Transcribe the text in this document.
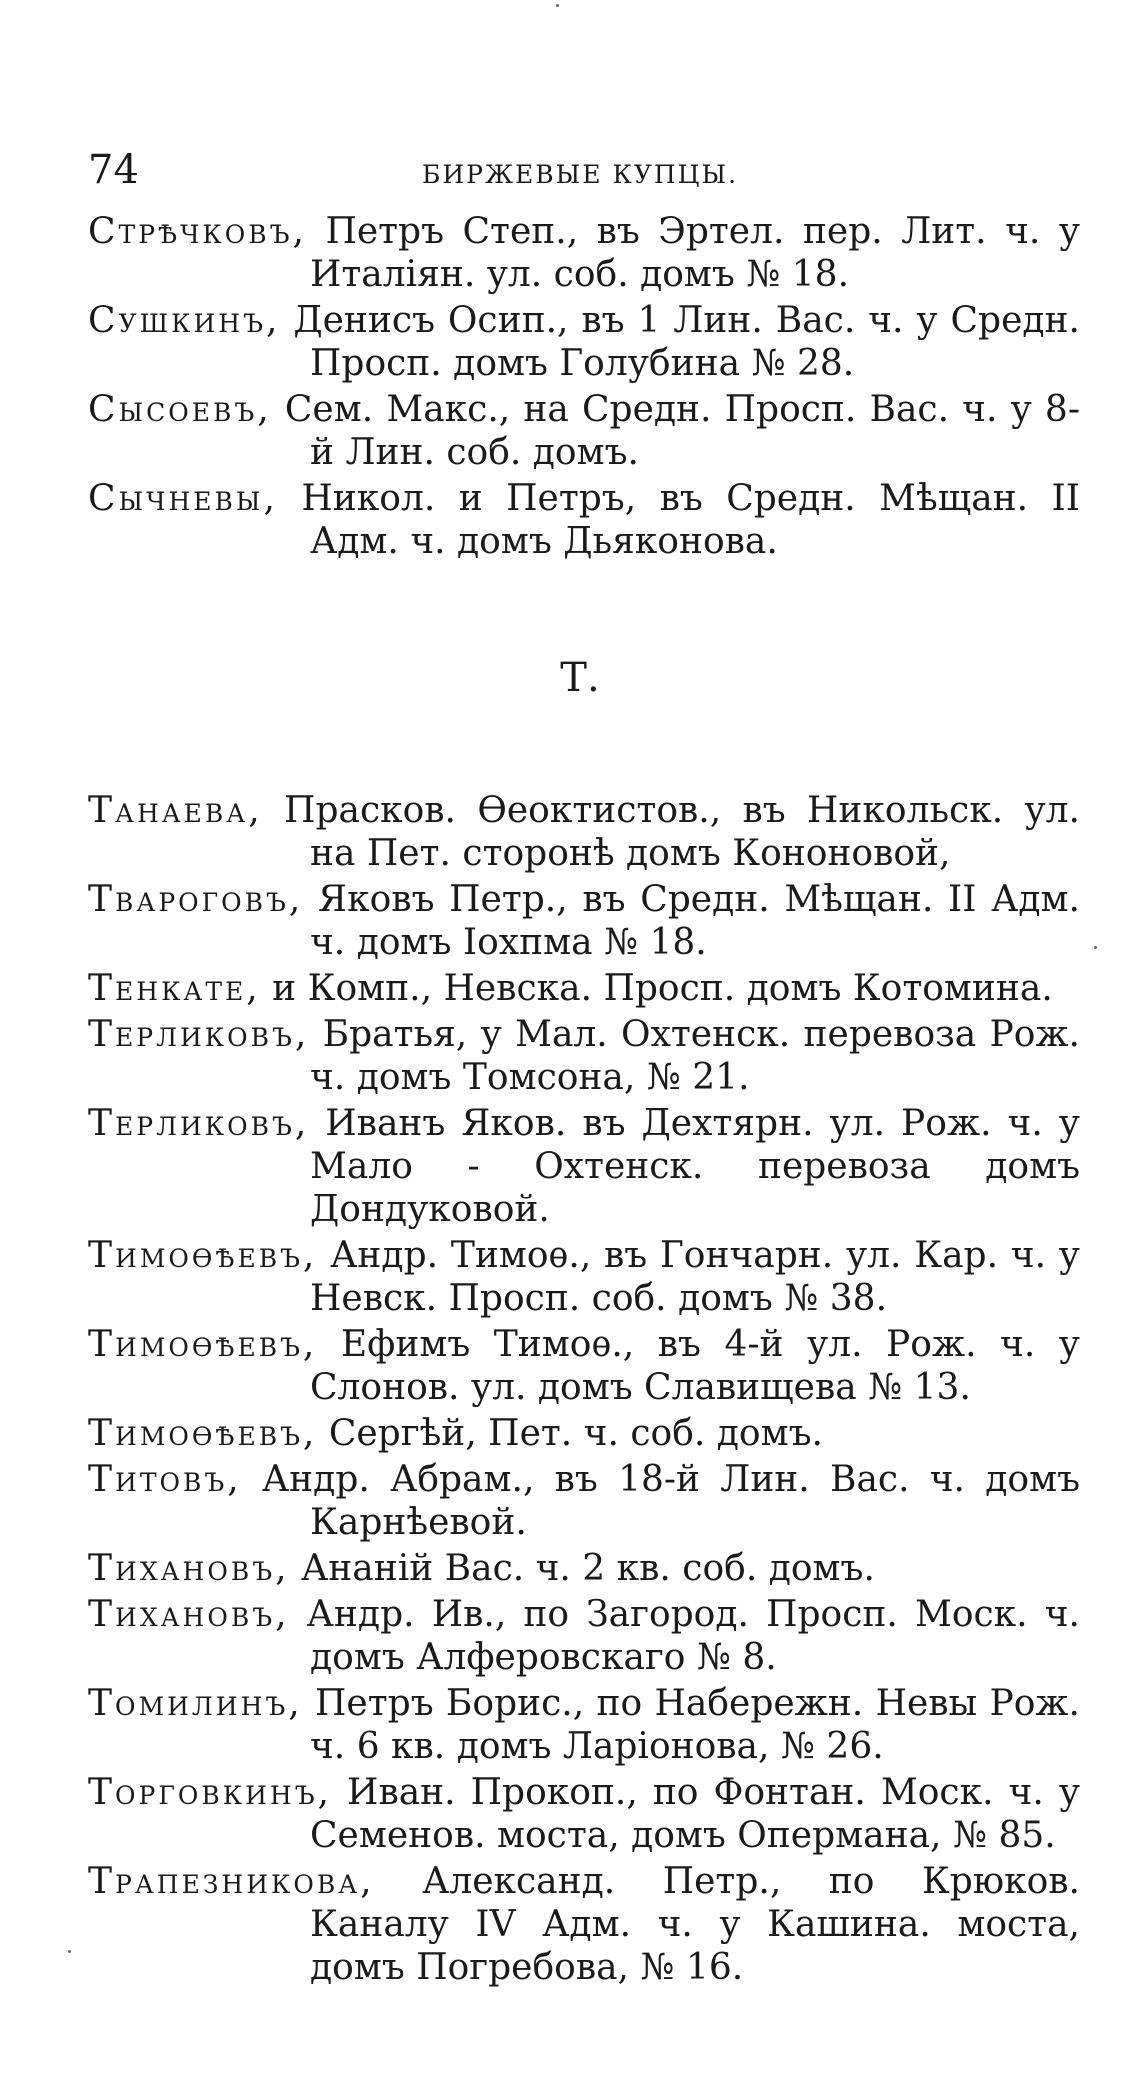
74	БИРЖЕВЫЕ КУПЦЫ.
Стрѣчковъ, Петръ Степ., въ Эртел. пер. Лит. ч. у Италіян. ул. соб. домъ № 18.
Сушкинъ, Денисъ Осип., въ 1 Лин. Вас. ч. у Средн. Просп. домъ Голубина № 28.
Сысоевъ, Сем. Макс., на Средн. Просп. Вас. ч. у 8-й Лин. соб. домъ.
Сычневы, Никол. и Петръ, въ Средн. Мѣщан. II Адм. ч. домъ Дьяконова.
Т.
Танаева, Прасков. Ѳеоктистов., въ Никольск. ул. на Пет. сторонѣ домъ Кононовой,
Твароговъ, Яковъ Петр., въ Средн. Мѣщан. II Адм. ч. домъ Іохпма № 18.
Тенкате, и Комп., Невска. Просп. домъ Котомина.
Терликовъ, Братья, у Мал. Охтенск. перевоза Рож. ч. домъ Томсона, № 21.
Терликовъ, Иванъ Яков. въ Дехтярн. ул. Рож. ч. у Мало - Охтенск. перевоза домъ Дондуковой.
Тимоѳѣевъ, Андр. Тимоѳ., въ Гончарн. ул. Кар. ч. у Невск. Просп. соб. домъ № 38.
Тимоѳѣевъ, Ефимъ Тимоѳ., въ 4-й ул. Рож. ч. у Слонов. ул. домъ Славищева № 13.
Тимоѳѣевъ, Сергѣй, Пет. ч. соб. домъ.
Титовъ, Андр. Абрам., въ 18-й Лин. Вас. ч. домъ Карнѣевой.
Тихановъ, Ананій Вас. ч. 2 кв. соб. домъ.
Тихановъ, Андр. Ив., по Загород. Просп. Моск. ч. домъ Алферовскаго № 8.
Томилинъ, Петръ Борис., по Набережн. Невы Рож. ч. 6 кв. домъ Ларіонова, № 26.
Торговкинъ, Иван. Прокоп., по Фонтан. Моск. ч. у Семенов. моста, домъ Опермана, № 85.
Трапезникова, Александ. Петр., по Крюков. Каналу IV Адм. ч. у Кашина. моста, домъ Погребова, № 16.
